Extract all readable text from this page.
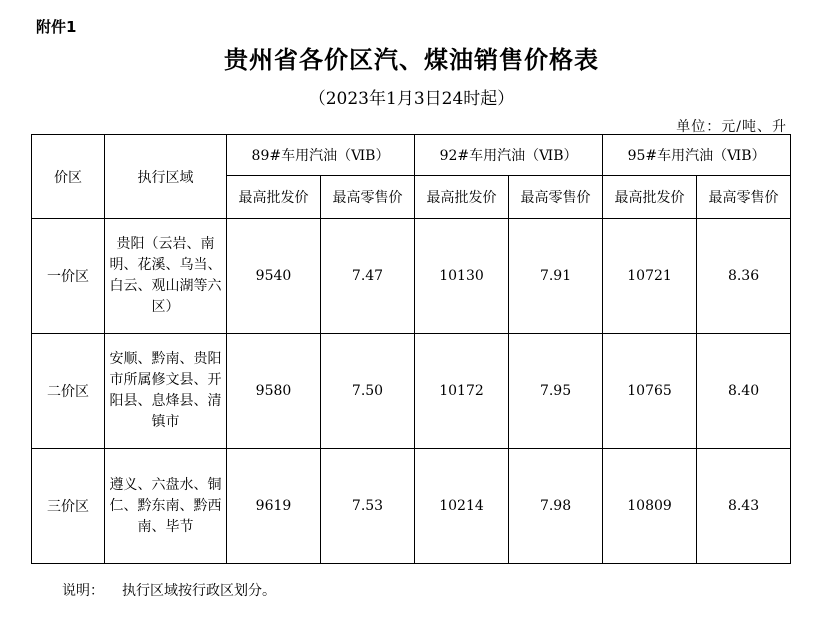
附件1
贵州省各价区汽、煤油销售价格表
（2023年1月3日24时起）
单位：元/吨、升
价区	执行区域	89#车用汽油（ⅥB）		92#车用汽油（ⅥB）		95#车用汽油（ⅥB）	
		最高批发价	最高零售价	最高批发价	最高零售价	最高批发价	最高零售价
一价区	贵阳（云岩、南明、花溪、乌当、白云、观山湖等六区）	9540	7.47	10130	7.91	10721	8.36
二价区	安顺、黔南、贵阳市所属修文县、开阳县、息烽县、清镇市	9580	7.50	10172	7.95	10765	8.40
三价区	遵义、六盘水、铜仁、黔东南、黔西南、毕节	9619	7.53	10214	7.98	10809	8.43
说明： 执行区域按行政区划分。
